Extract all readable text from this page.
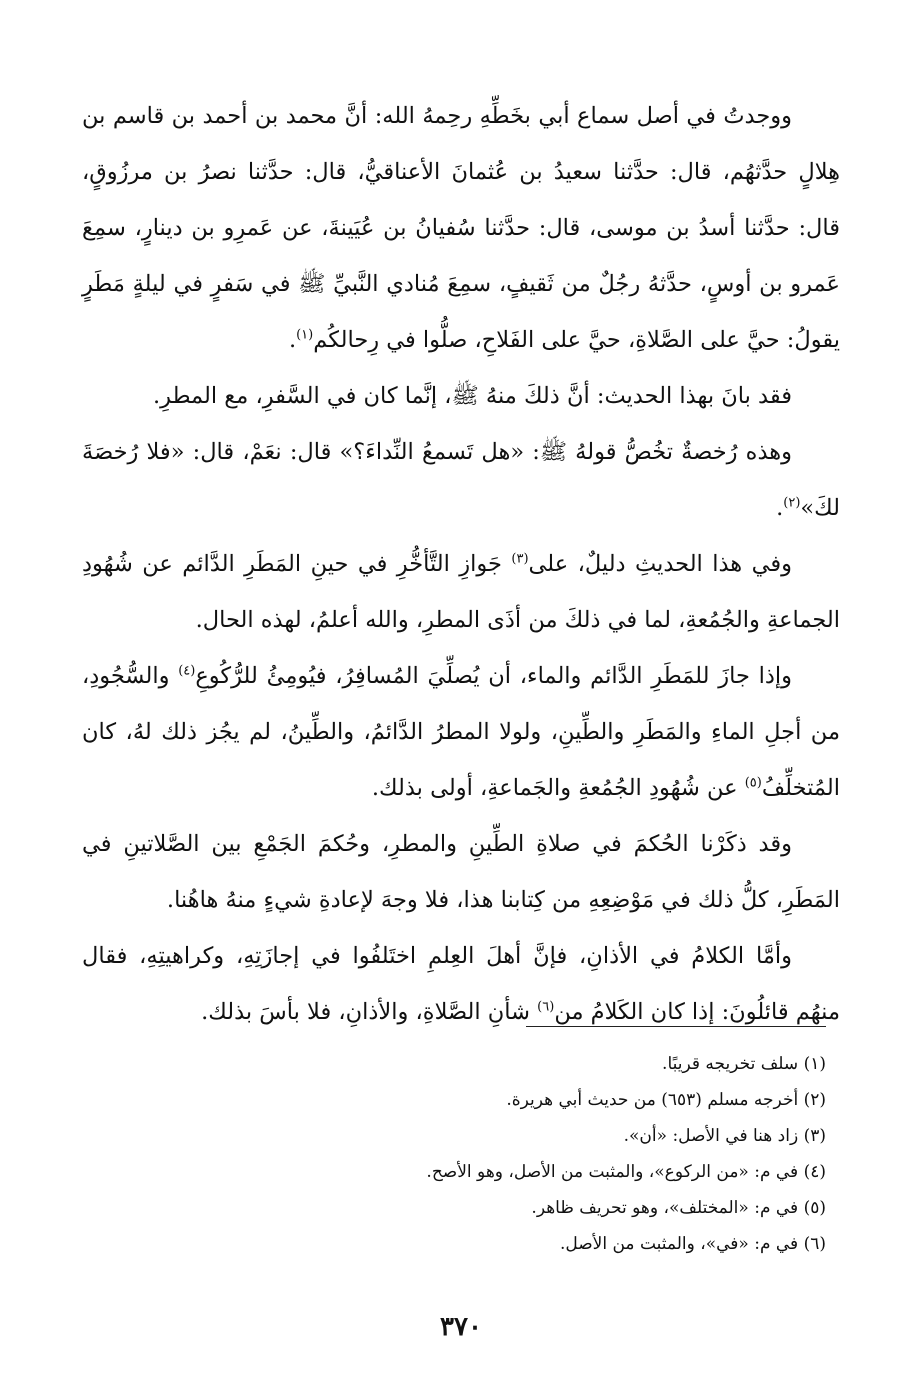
ووجدتُ في أصل سماع أبي بخَطِّهِ رحِمهُ الله: أنَّ محمد بن أحمد بن قاسم بن هِلالٍ حدَّثهُم، قال: حدَّثنا سعيدُ بن عُثمانَ الأعناقيُّ، قال: حدَّثنا نصرُ بن مرزُوقٍ، قال: حدَّثنا أسدُ بن موسى، قال: حدَّثنا سُفيانُ بن عُيَينةَ، عن عَمرِو بن دينارٍ، سمِعَ عَمرو بن أوسٍ، حدَّثهُ رجُلٌ من ثَقيفٍ، سمِعَ مُنادي النَّبيِّ ﷺ في سَفرٍ في ليلةٍ مَطَرٍ يقولُ: حيَّ على الصَّلاةِ، حيَّ على الفَلاحِ، صلُّوا في رِحالكُم$^{(١)}$.

فقد بانَ بهذا الحديث: أنَّ ذلكَ منهُ ﷺ، إنَّما كان في السَّفرِ، مع المطرِ.

وهذه رُخصةٌ تخُصُّ قولهُ ﷺ: «هل تَسمعُ النِّداءَ؟» قال: نعَمْ، قال: «فلا رُخصَةَ لكَ»$^{(٢)}$.

وفي هذا الحديثِ دليلٌ، على$^{(٣)}$ جَوازِ التَّأخُّرِ في حينِ المَطَرِ الدَّائم عن شُهُودِ الجماعةِ والجُمُعةِ، لما في ذلكَ من أذَى المطرِ، والله أعلمُ، لهذه الحال.

وإذا جازَ للمَطَرِ الدَّائم والماء، أن يُصلِّيَ المُسافِرُ، فيُومِئُ للرُّكُوعِ$^{(٤)}$ والسُّجُودِ، من أجلِ الماءِ والمَطَرِ والطِّينِ، ولولا المطرُ الدَّائمُ، والطِّينُ، لم يجُز ذلك لهُ، كان المُتخلِّفُ$^{(٥)}$ عن شُهُودِ الجُمُعةِ والجَماعةِ، أولى بذلك.

وقد ذكَرْنا الحُكمَ في صلاةِ الطِّينِ والمطرِ، وحُكمَ الجَمْعِ بين الصَّلاتينِ في المَطَرِ، كلُّ ذلك في مَوْضِعِهِ من كِتابنا هذا، فلا وجهَ لإعادةِ شيءٍ منهُ هاهُنا.

وأمَّا الكلامُ في الأذانِ، فإنَّ أهلَ العِلمِ اختَلفُوا في إجازَتِهِ، وكراهيتِهِ، فقال منهُم قائلُونَ: إذا كان الكَلامُ من$^{(٦)}$ شأنِ الصَّلاةِ، والأذانِ، فلا بأسَ بذلك.

(١) سلف تخريجه قريبًا.

(٢) أخرجه مسلم (٦٥٣) من حديث أبي هريرة.

(٣) زاد هنا في الأصل: «أن».

(٤) في م: «من الركوع»، والمثبت من الأصل، وهو الأصح.

(٥) في م: «المختلف»، وهو تحريف ظاهر.

(٦) في م: «في»، والمثبت من الأصل.

٣٧٠
